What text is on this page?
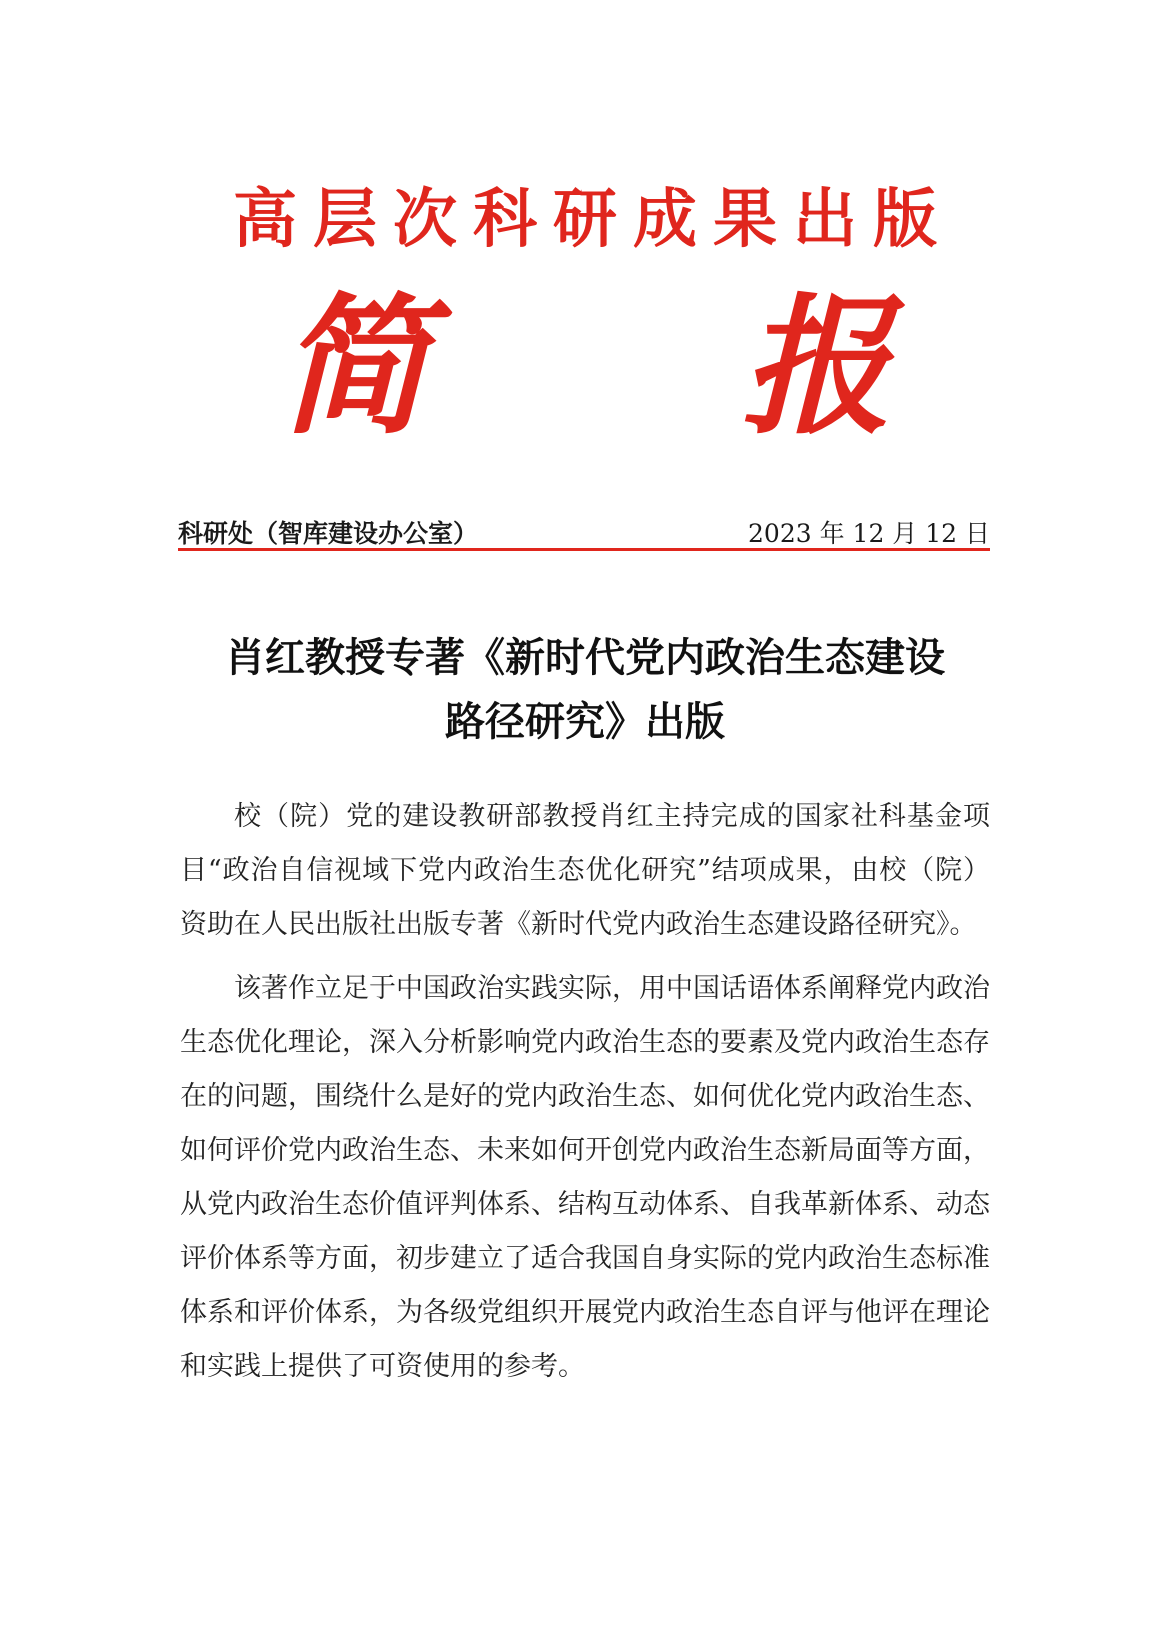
高层次科研成果出版
简 报
科研处（智库建设办公室）	2023 年 12 月 12 日
肖红教授专著《新时代党内政治生态建设
路径研究》出版

校（院）党的建设教研部教授肖红主持完成的国家社科基金项目“政治自信视域下党内政治生态优化研究”结项成果，由校（院）资助在人民出版社出版专著《新时代党内政治生态建设路径研究》。

该著作立足于中国政治实践实际，用中国话语体系阐释党内政治生态优化理论，深入分析影响党内政治生态的要素及党内政治生态存在的问题，围绕什么是好的党内政治生态、如何优化党内政治生态、如何评价党内政治生态、未来如何开创党内政治生态新局面等方面，从党内政治生态价值评判体系、结构互动体系、自我革新体系、动态评价体系等方面，初步建立了适合我国自身实际的党内政治生态标准体系和评价体系，为各级党组织开展党内政治生态自评与他评在理论和实践上提供了可资使用的参考。
